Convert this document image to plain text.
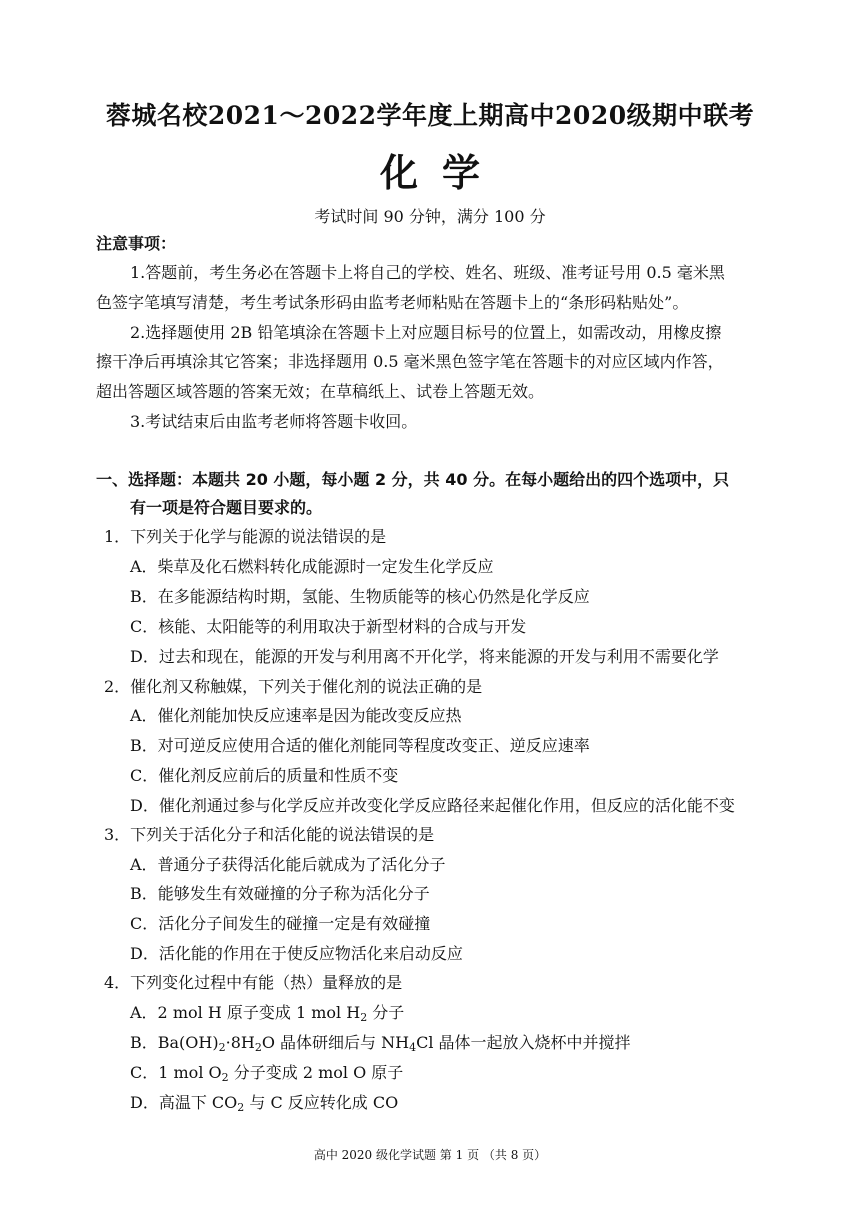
蓉城名校2021～2022学年度上期高中2020级期中联考
化学
考试时间 90 分钟，满分 100 分
注意事项：
1.答题前，考生务必在答题卡上将自己的学校、姓名、班级、准考证号用 0.5 毫米黑
色签字笔填写清楚，考生考试条形码由监考老师粘贴在答题卡上的“条形码粘贴处”。
2.选择题使用 2B 铅笔填涂在答题卡上对应题目标号的位置上，如需改动，用橡皮擦
擦干净后再填涂其它答案；非选择题用 0.5 毫米黑色签字笔在答题卡的对应区域内作答，
超出答题区域答题的答案无效；在草稿纸上、试卷上答题无效。
3.考试结束后由监考老师将答题卡收回。
一、选择题：本题共 20 小题，每小题 2 分，共 40 分。在每小题给出的四个选项中，只
有一项是符合题目要求的。
1．下列关于化学与能源的说法错误的是
A．柴草及化石燃料转化成能源时一定发生化学反应
B．在多能源结构时期，氢能、生物质能等的核心仍然是化学反应
C．核能、太阳能等的利用取决于新型材料的合成与开发
D．过去和现在，能源的开发与利用离不开化学，将来能源的开发与利用不需要化学
2．催化剂又称触媒，下列关于催化剂的说法正确的是
A．催化剂能加快反应速率是因为能改变反应热
B．对可逆反应使用合适的催化剂能同等程度改变正、逆反应速率
C．催化剂反应前后的质量和性质不变
D．催化剂通过参与化学反应并改变化学反应路径来起催化作用，但反应的活化能不变
3．下列关于活化分子和活化能的说法错误的是
A．普通分子获得活化能后就成为了活化分子
B．能够发生有效碰撞的分子称为活化分子
C．活化分子间发生的碰撞一定是有效碰撞
D．活化能的作用在于使反应物活化来启动反应
4．下列变化过程中有能（热）量释放的是
A．2 mol H 原子变成 1 mol $H_2$ 分子
B．$Ba(OH)_2\cdot 8H_2O$ 晶体研细后与 $NH_4Cl$ 晶体一起放入烧杯中并搅拌
C．1 mol $O_2$ 分子变成 2 mol O 原子
D．高温下 $CO_2$ 与 C 反应转化成 CO
高中 2020 级化学试题 第 1 页 （共 8 页）
